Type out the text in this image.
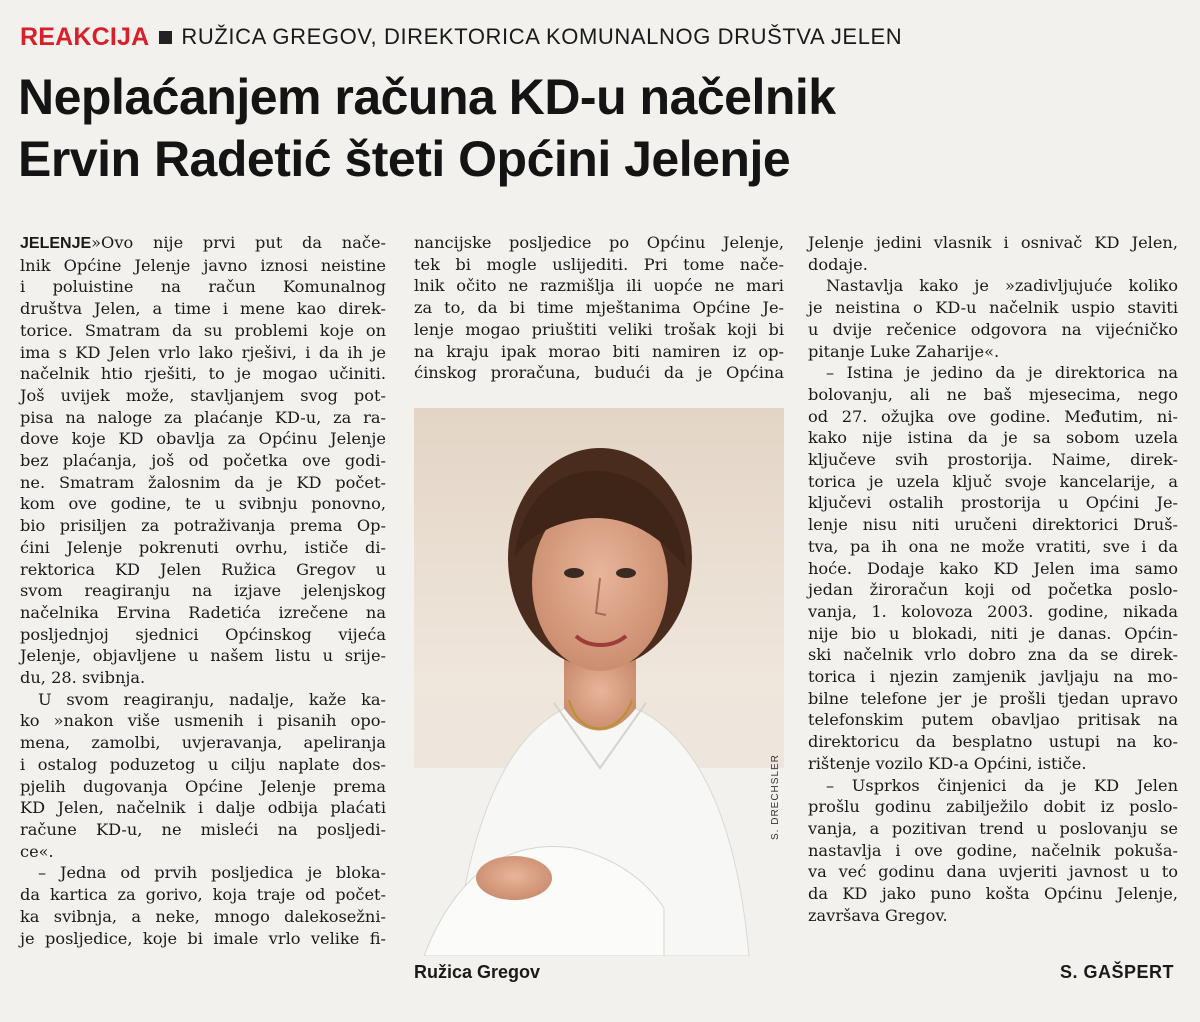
REAKCIJA RUŽICA GREGOV, DIREKTORICA KOMUNALNOG DRUŠTVA JELEN
Neplaćanjem računa KD-u načelnik
Ervin Radetić šteti Općini Jelenje
JELENJE»Ovo nije prvi put da nače-
lnik Općine Jelenje javno iznosi neistine
i poluistine na račun Komunalnog
društva Jelen, a time i mene kao direk-
torice. Smatram da su problemi koje on
ima s KD Jelen vrlo lako rješivi, i da ih je
načelnik htio rješiti, to je mogao učiniti.
Još uvijek može, stavljanjem svog pot-
pisa na naloge za plaćanje KD-u, za ra-
dove koje KD obavlja za Općinu Jelenje
bez plaćanja, još od početka ove godi-
ne. Smatram žalosnim da je KD počet-
kom ove godine, te u svibnju ponovno,
bio prisiljen za potraživanja prema Op-
ćini Jelenje pokrenuti ovrhu, ističe di-
rektorica KD Jelen Ružica Gregov u
svom reagiranju na izjave jelenjskog
načelnika Ervina Radetića izrečene na
posljednjoj sjednici Općinskog vijeća
Jelenje, objavljene u našem listu u srije-
du, 28. svibnja.
U svom reagiranju, nadalje, kaže ka-
ko »nakon više usmenih i pisanih opo-
mena, zamolbi, uvjeravanja, apeliranja
i ostalog poduzetog u cilju naplate dos-
pjelih dugovanja Općine Jelenje prema
KD Jelen, načelnik i dalje odbija plaćati
račune KD-u, ne misleći na posljedi-
ce«.
– Jedna od prvih posljedica je bloka-
da kartica za gorivo, koja traje od počet-
ka svibnja, a neke, mnogo dalekosežni-
je posljedice, koje bi imale vrlo velike fi-
nancijske posljedice po Općinu Jelenje,
tek bi mogle uslijediti. Pri tome nače-
lnik očito ne razmišlja ili uopće ne mari
za to, da bi time mještanima Općine Je-
lenje mogao priuštiti veliki trošak koji bi
na kraju ipak morao biti namiren iz op-
ćinskog proračuna, budući da je Općina
Jelenje jedini vlasnik i osnivač KD Jelen,
dodaje.
Nastavlja kako je »zadivljujuće koliko
je neistina o KD-u načelnik uspio staviti
u dvije rečenice odgovora na vijećničko
pitanje Luke Zaharije«.
– Istina je jedino da je direktorica na
bolovanju, ali ne baš mjesecima, nego
od 27. ožujka ove godine. Međutim, ni-
kako nije istina da je sa sobom uzela
ključeve svih prostorija. Naime, direk-
torica je uzela ključ svoje kancelarije, a
ključevi ostalih prostorija u Općini Je-
lenje nisu niti uručeni direktorici Druš-
tva, pa ih ona ne može vratiti, sve i da
hoće. Dodaje kako KD Jelen ima samo
jedan žiroračun koji od početka poslo-
vanja, 1. kolovoza 2003. godine, nikada
nije bio u blokadi, niti je danas. Općin-
ski načelnik vrlo dobro zna da se direk-
torica i njezin zamjenik javljaju na mo-
bilne telefone jer je prošli tjedan upravo
telefonskim putem obavljao pritisak na
direktoricu da besplatno ustupi na ko-
rištenje vozilo KD-a Općini, ističe.
– Usprkos činjenici da je KD Jelen
prošlu godinu zabilježilo dobit iz poslo-
vanja, a pozitivan trend u poslovanju se
nastavlja i ove godine, načelnik pokuša-
va već godinu dana uvjeriti javnost u to
da KD jako puno košta Općinu Jelenje,
završava Gregov.
S. DRECHSLER
Ružica Gregov	S. GAŠPERT
